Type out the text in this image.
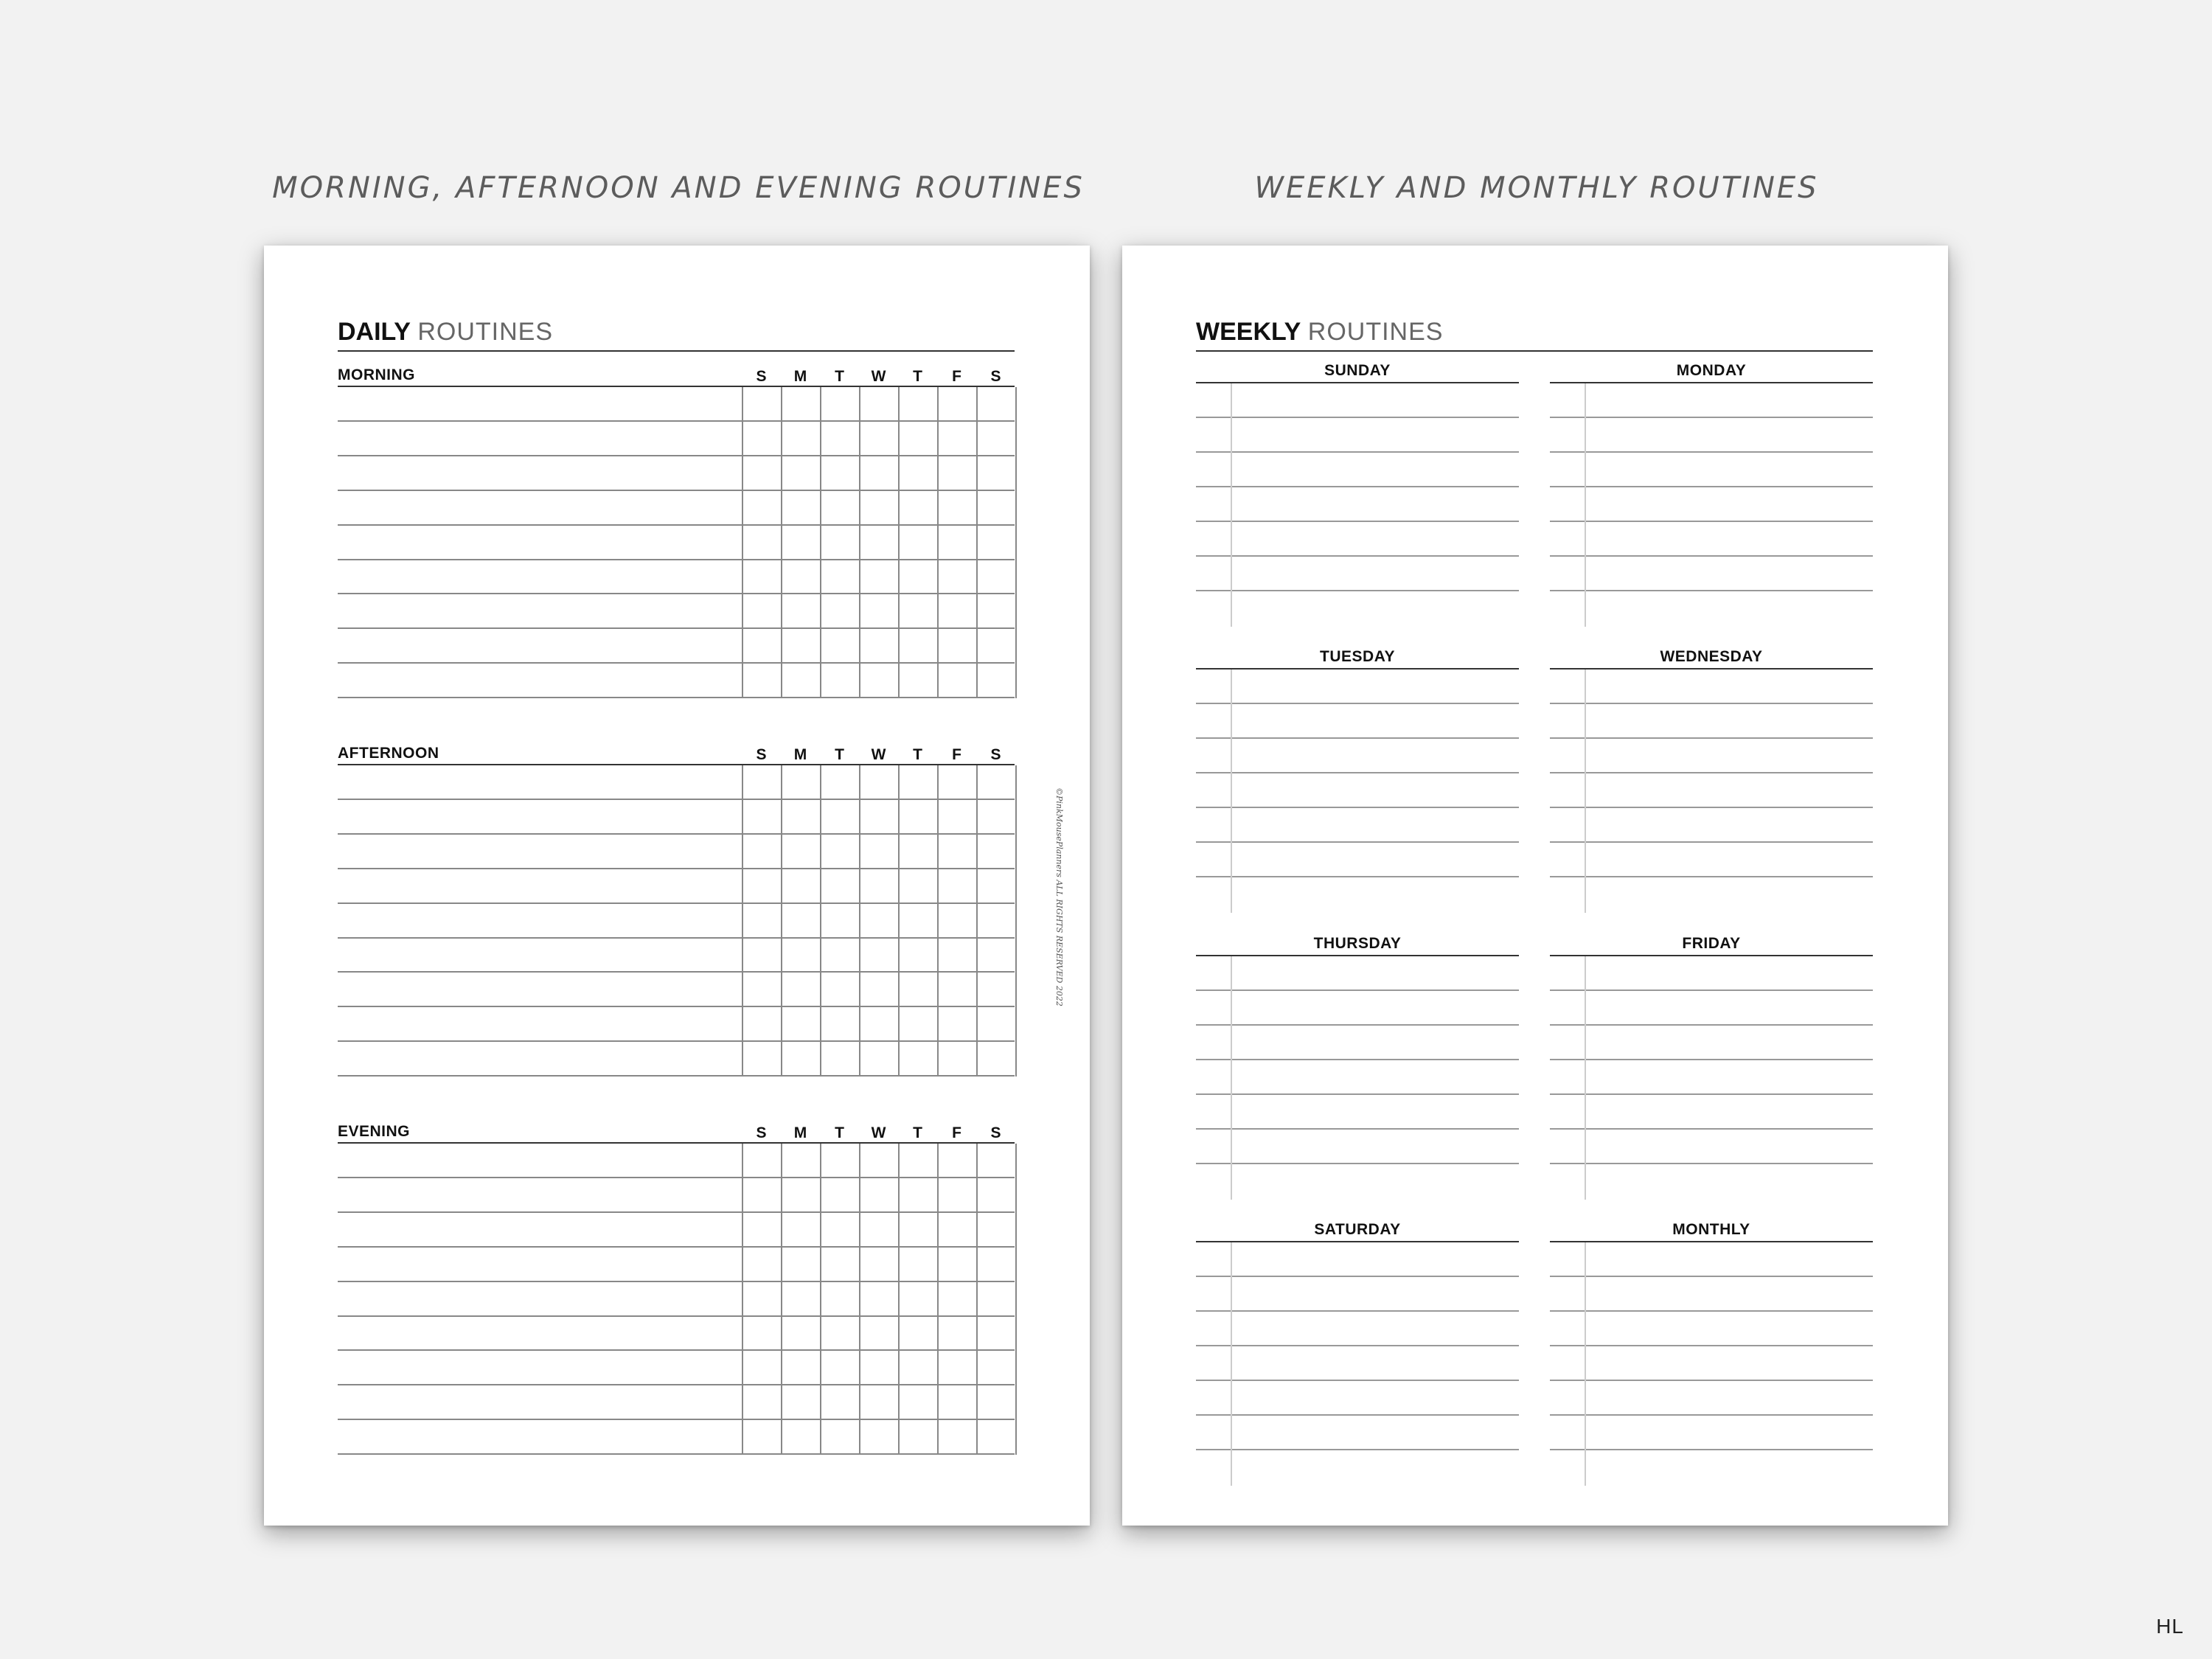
MORNING, AFTERNOON AND EVENING ROUTINES	WEEKLY AND MONTHLY ROUTINES
DAILY ROUTINES
MORNING	S	M	T	W	T	F	S
AFTERNOON	S	M	T	W	T	F	S
EVENING	S	M	T	W	T	F	S
©PinkMousePlanners ALL RIGHTS RESERVED 2022
WEEKLY ROUTINES
SUNDAY	MONDAY
TUESDAY	WEDNESDAY
THURSDAY	FRIDAY
SATURDAY	MONTHLY
HL
